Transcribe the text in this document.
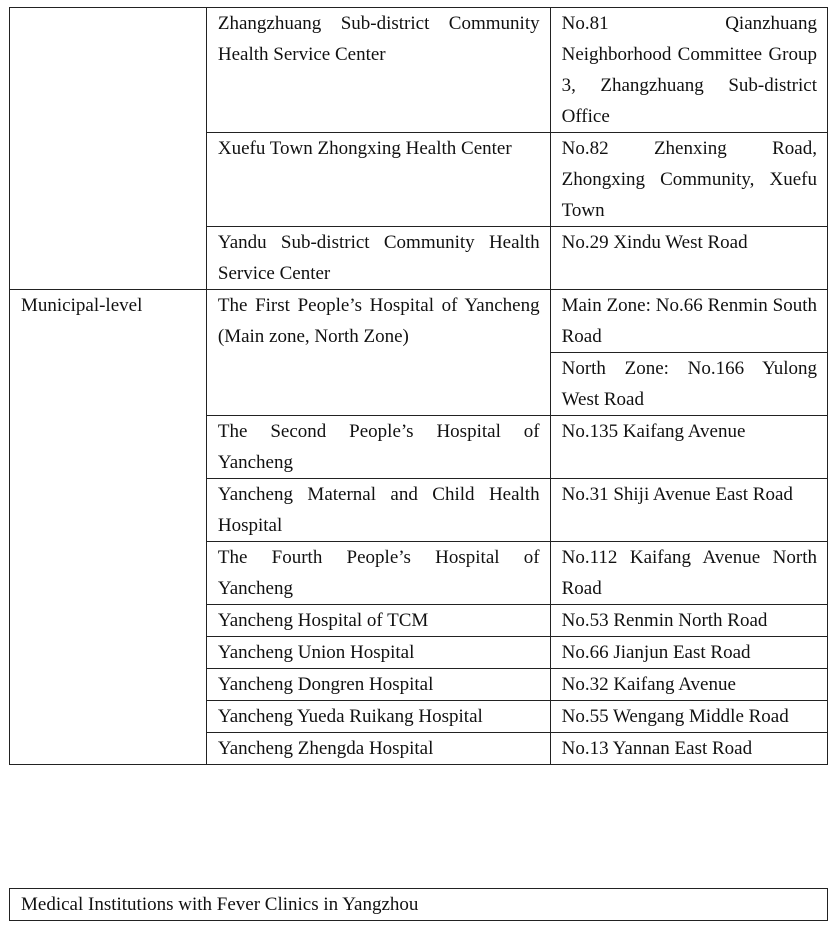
	Zhangzhuang Sub-district Community Health Service Center	No.81 Qianzhuang Neighborhood Committee Group 3, Zhangzhuang Sub-district Office
	Xuefu Town Zhongxing Health Center	No.82 Zhenxing Road, Zhongxing Community, Xuefu Town
	Yandu Sub-district Community Health Service Center	No.29 Xindu West Road
Municipal-level	The First People’s Hospital of Yancheng (Main zone, North Zone)	Main Zone: No.66 Renmin South Road
		North Zone: No.166 Yulong West Road
	The Second People’s Hospital of Yancheng	No.135 Kaifang Avenue
	Yancheng Maternal and Child Health Hospital	No.31 Shiji Avenue East Road
	The Fourth People’s Hospital of Yancheng	No.112 Kaifang Avenue North Road
	Yancheng Hospital of TCM	No.53 Renmin North Road
	Yancheng Union Hospital	No.66 Jianjun East Road
	Yancheng Dongren Hospital	No.32 Kaifang Avenue
	Yancheng Yueda Ruikang Hospital	No.55 Wengang Middle Road
	Yancheng Zhengda Hospital	No.13 Yannan East Road
Medical Institutions with Fever Clinics in Yangzhou
